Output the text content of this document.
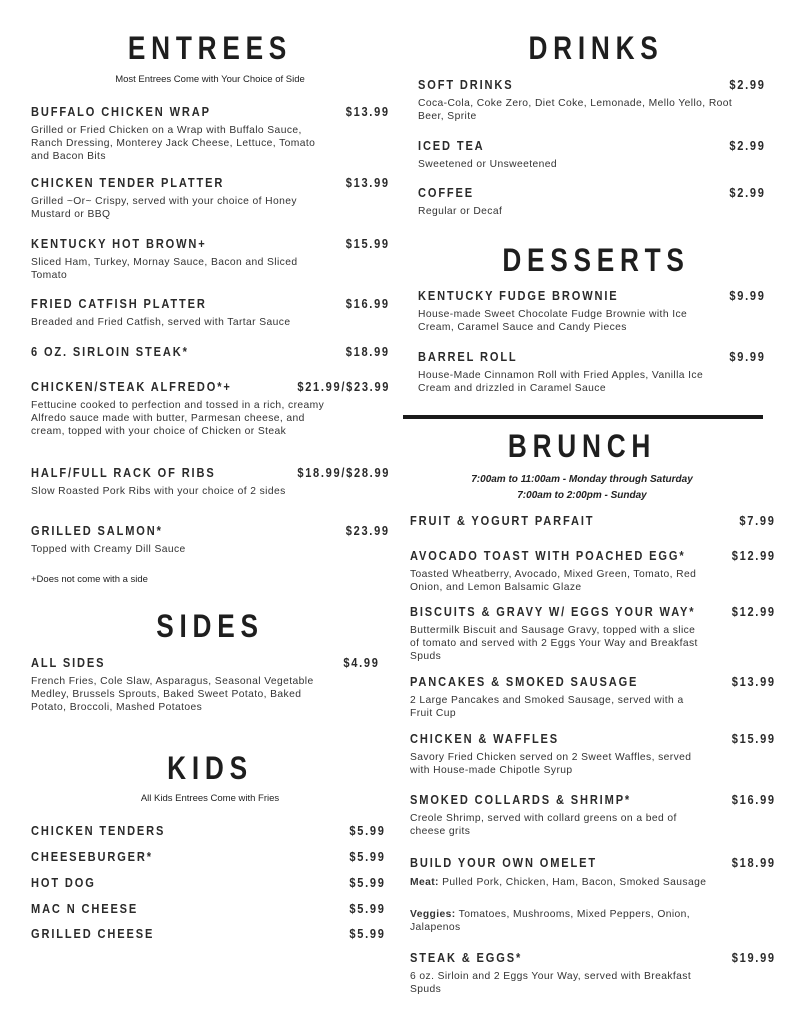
ENTREES
Most Entrees Come with Your Choice of Side
BUFFALO CHICKEN WRAP	$13.99
Grilled or Fried Chicken on a Wrap with Buffalo Sauce, Ranch Dressing, Monterey Jack Cheese, Lettuce, Tomato and Bacon Bits
CHICKEN TENDER PLATTER	$13.99
Grilled ~Or~ Crispy, served with your choice of Honey Mustard or BBQ
KENTUCKY HOT BROWN+	$15.99
Sliced Ham, Turkey, Mornay Sauce, Bacon and Sliced Tomato
FRIED CATFISH PLATTER	$16.99
Breaded and Fried Catfish, served with Tartar Sauce
6 OZ. SIRLOIN STEAK*	$18.99
CHICKEN/STEAK ALFREDO*+	$21.99/$23.99
Fettucine cooked to perfection and tossed in a rich, creamy Alfredo sauce made with butter, Parmesan cheese, and cream, topped with your choice of Chicken or Steak
HALF/FULL RACK OF RIBS	$18.99/$28.99
Slow Roasted Pork Ribs with your choice of 2 sides
GRILLED SALMON*	$23.99
Topped with Creamy Dill Sauce
SIDES
ALL SIDES	$4.99
French Fries, Cole Slaw, Asparagus, Seasonal Vegetable Medley, Brussels Sprouts, Baked Sweet Potato, Baked Potato, Broccoli, Mashed Potatoes
KIDS
All Kids Entrees Come with Fries
CHICKEN TENDERS	$5.99
CHEESEBURGER*	$5.99
HOT DOG	$5.99
MAC N CHEESE	$5.99
GRILLED CHEESE	$5.99
DRINKS
SOFT DRINKS	$2.99
Coca-Cola, Coke Zero, Diet Coke, Lemonade, Mello Yello, Root Beer, Sprite
ICED TEA	$2.99
Sweetened or Unsweetened
COFFEE	$2.99
Regular or Decaf
DESSERTS
KENTUCKY FUDGE BROWNIE	$9.99
House-made Sweet Chocolate Fudge Brownie with Ice Cream, Caramel Sauce and Candy Pieces
BARREL ROLL	$9.99
House-Made Cinnamon Roll with Fried Apples, Vanilla Ice Cream and drizzled in Caramel Sauce
BRUNCH
7:00am to 11:00am - Monday through Saturday
7:00am to 2:00pm - Sunday
FRUIT & YOGURT PARFAIT	$7.99
AVOCADO TOAST WITH POACHED EGG*	$12.99
Toasted Wheatberry, Avocado, Mixed Green, Tomato, Red Onion, and Lemon Balsamic Glaze
BISCUITS & GRAVY W/ EGGS YOUR WAY*	$12.99
Buttermilk Biscuit and Sausage Gravy, topped with a slice of tomato and served with 2 Eggs Your Way and Breakfast Spuds
PANCAKES & SMOKED SAUSAGE	$13.99
2 Large Pancakes and Smoked Sausage, served with a Fruit Cup
CHICKEN & WAFFLES	$15.99
Savory Fried Chicken served on 2 Sweet Waffles, served with House-made Chipotle Syrup
SMOKED COLLARDS & SHRIMP*	$16.99
Creole Shrimp, served with collard greens on a bed of cheese grits
BUILD YOUR OWN OMELET	$18.99
STEAK & EGGS*	$19.99
6 oz. Sirloin and 2 Eggs Your Way, served with Breakfast Spuds
+Does not come with a side
Meat: Pulled Pork, Chicken, Ham, Bacon, Smoked Sausage
Veggies: Tomatoes, Mushrooms, Mixed Peppers, Onion, Jalapenos
